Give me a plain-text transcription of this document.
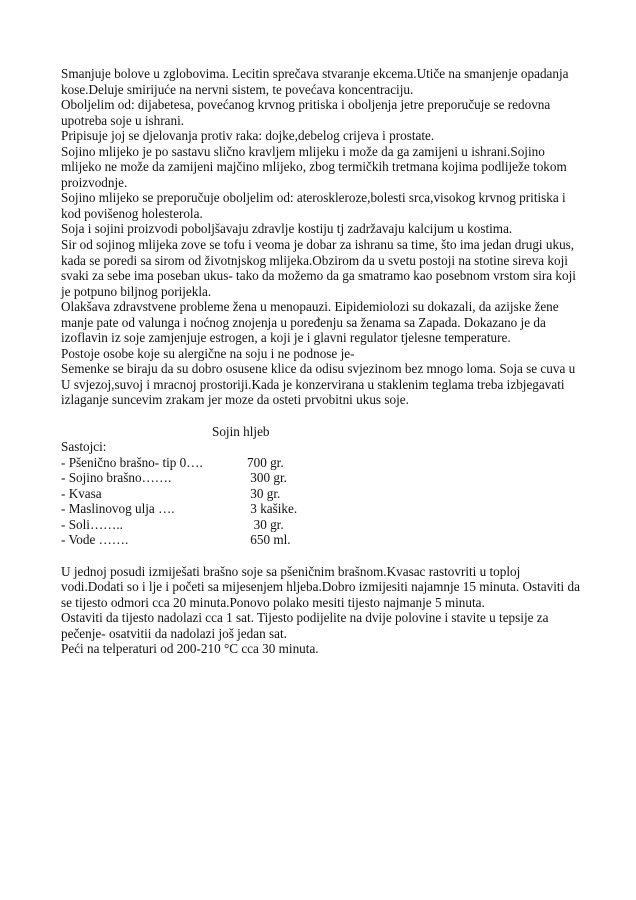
Smanjuje bolove u zglobovima. Lecitin sprečava stvaranje ekcema.Utiče na smanjenje opadanja kose.Deluje smirijuće na nervni sistem, te povećava koncentraciju.

Oboljelim od: dijabetesa, povećanog krvnog pritiska i oboljenja jetre preporučuje se redovna upotreba soje u ishrani.

Pripisuje joj se djelovanja protiv raka: dojke,debelog crijeva i prostate.

Sojino mlijeko je po sastavu slično kravljem mlijeku i može da ga zamijeni u ishrani.Sojino mlijeko ne može da zamijeni majčino mlijeko, zbog termičkih tretmana kojima podliježe tokom proizvodnje.

Sojino mlijeko se preporučuje oboljelim od: ateroskleroze,bolesti srca,visokog krvnog pritiska i kod povišenog holesterola.

Soja i sojini proizvodi poboljšavaju zdravlje kostiju tj zadržavaju kalcijum u kostima.

Sir od sojinog mlijeka zove se tofu i veoma je dobar za ishranu sa time, što ima jedan drugi ukus, kada se poredi sa sirom od životnjskog mlijeka.Obzirom da u svetu postoji na stotine sireva koji svaki za sebe ima poseban ukus- tako da možemo da ga smatramo kao posebnom vrstom sira koji je potpuno biljnog porijekla.

Olakšava zdravstvene probleme žena u menopauzi. Eipidemiolozi su dokazali, da azijske žene manje pate od valunga i noćnog znojenja u poređenju sa ženama sa Zapada. Dokazano je da izoflavin iz soje zamjenjuje estrogen, a koji je i glavni regulator tjelesne temperature.

Postoje osobe koje su alergične na soju i ne podnose je-

Semenke se biraju da su dobro osusene klice da odisu svjezinom bez mnogo loma. Soja se cuva u U svjezoj,suvoj i mracnoj prostoriji.Kada je konzervirana u staklenim teglama treba izbjegavati izlaganje suncevim zrakam jer moze da osteti prvobitni ukus soje.

Sojin hljeb
Sastojci:
- Pšenično brašno- tip 0….	700 gr.
- Sojino brašno…….	300 gr.
- Kvasa	30 gr.
- Maslinovog ulja ….	3 kašike.
- Soli……..	30 gr.
- Vode …….	650 ml.

U jednoj posudi izmiješati brašno soje sa pšeničnim brašnom.Kvasac rastovriti u toploj vodi.Dodati so i lje i početi sa mijesenjem hljeba.Dobro izmijesiti najamnje 15 minuta. Ostaviti da se tijesto odmori cca 20 minuta.Ponovo polako mesiti tijesto najmanje 5 minuta.

Ostaviti da tijesto nadolazi cca 1 sat. Tijesto podijelite na dvije polovine i stavite u tepsije za pečenje- osatvitii da nadolazi još jedan sat.

Peći na telperaturi od 200-210 °C cca 30 minuta.
